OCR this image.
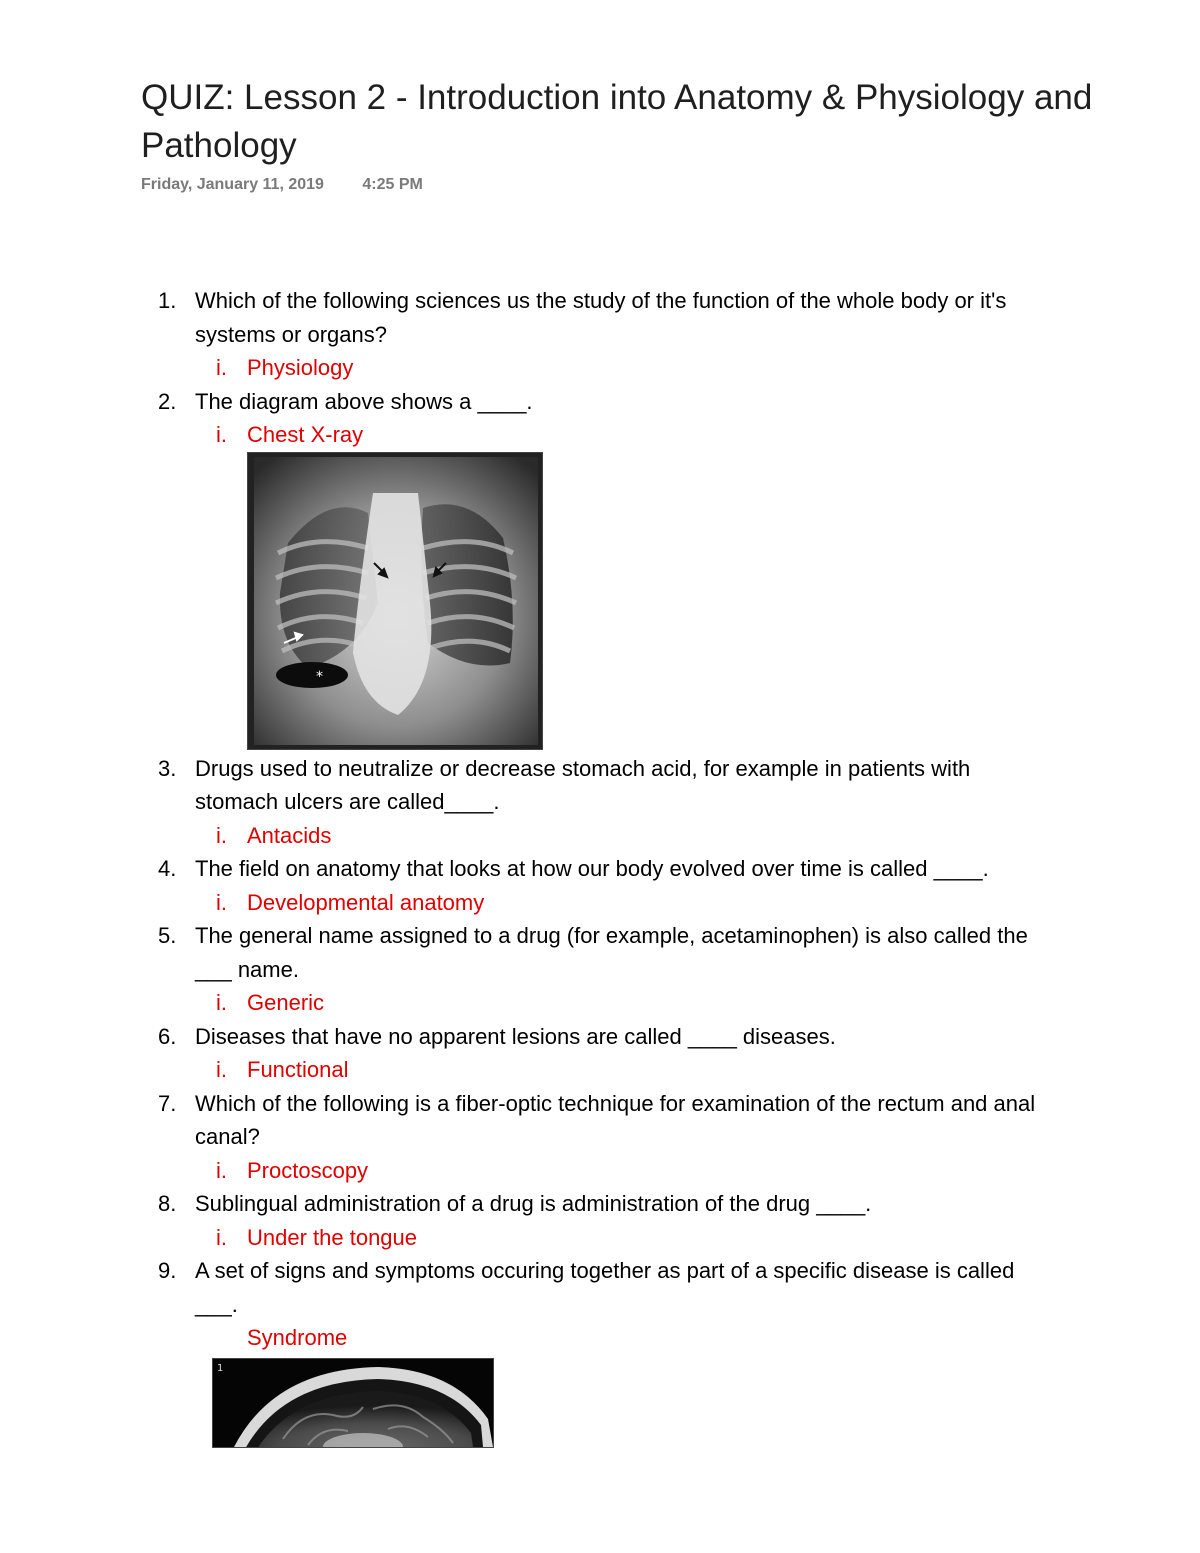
QUIZ: Lesson 2 - Introduction into Anatomy & Physiology and Pathology
Friday, January 11, 2019 4:25 PM
1. Which of the following sciences us the study of the function of the whole body or it's systems or organs?
i. Physiology
2. The diagram above shows a ____.
i. Chest X-ray
*
3. Drugs used to neutralize or decrease stomach acid, for example in patients with stomach ulcers are called____.
i. Antacids
4. The field on anatomy that looks at how our body evolved over time is called ____.
i. Developmental anatomy
5. The general name assigned to a drug (for example, acetaminophen) is also called the ___ name.
i. Generic
6. Diseases that have no apparent lesions are called ____ diseases.
i. Functional
7. Which of the following is a fiber-optic technique for examination of the rectum and anal canal?
i. Proctoscopy
8. Sublingual administration of a drug is administration of the drug ____.
i. Under the tongue
9. A set of signs and symptoms occuring together as part of a specific disease is called ___.
Syndrome
1
